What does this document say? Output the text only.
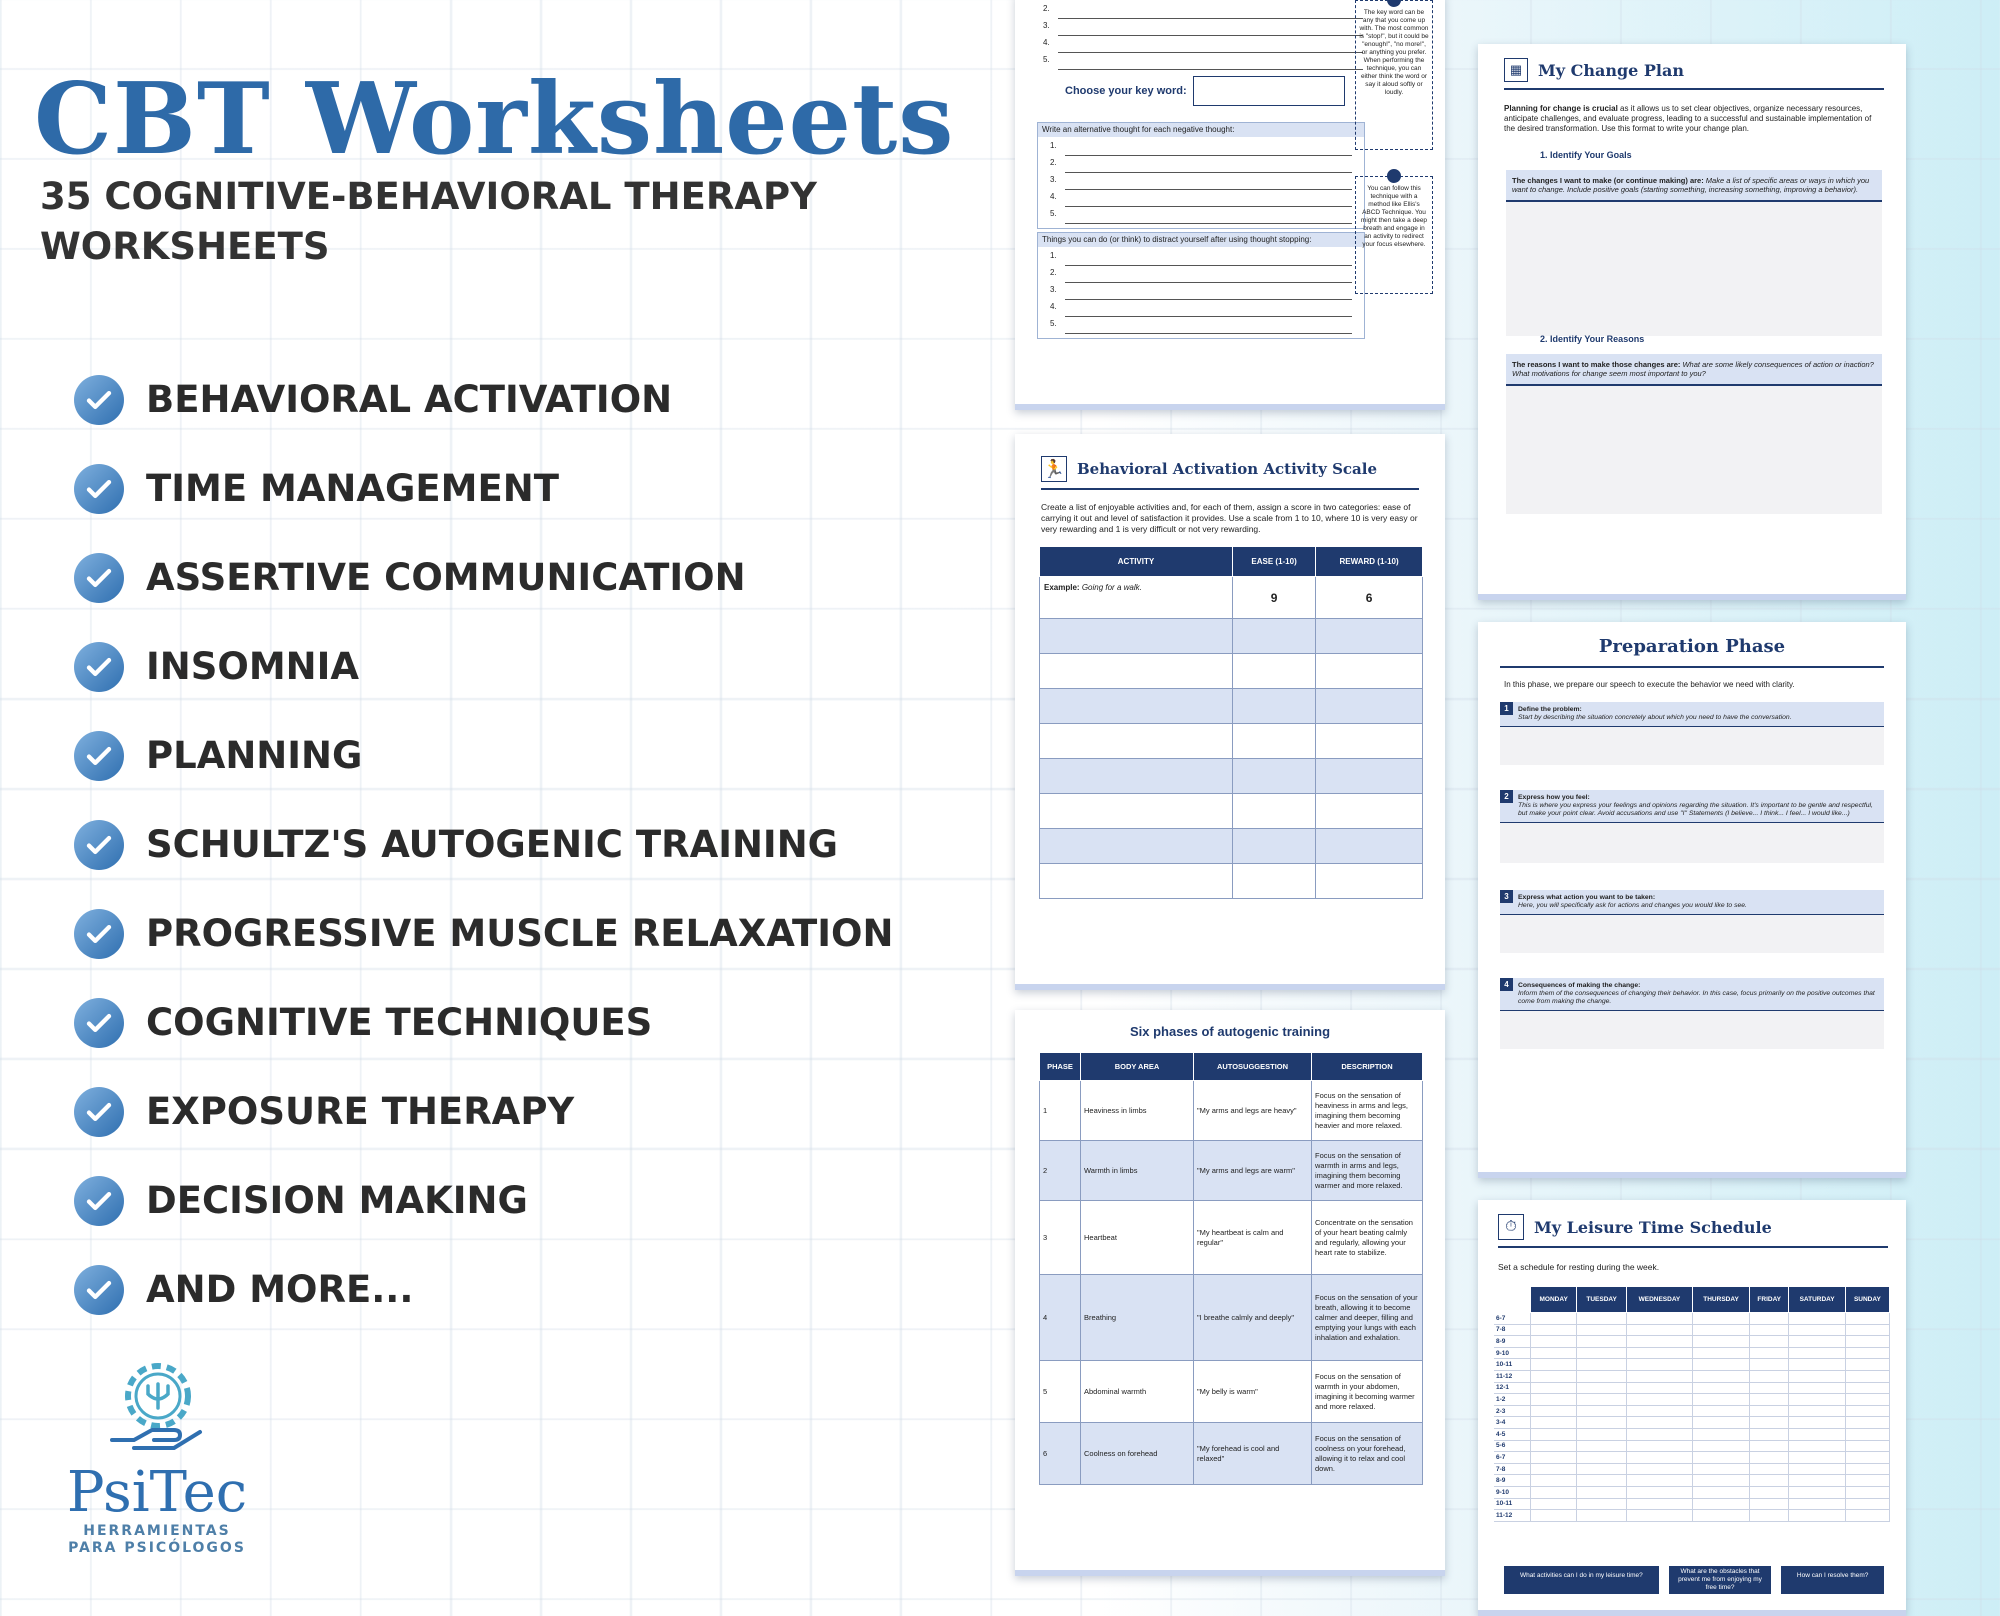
CBT Worksheets
35 COGNITIVE-BEHAVIORAL THERAPY WORKSHEETS
BEHAVIORAL ACTIVATION
TIME MANAGEMENT
ASSERTIVE COMMUNICATION
INSOMNIA
PLANNING
SCHULTZ'S AUTOGENIC TRAINING
PROGRESSIVE MUSCLE RELAXATION
COGNITIVE TECHNIQUES
EXPOSURE THERAPY
DECISION MAKING
AND MORE...
PsiTec
HERRAMIENTAS
PARA PSICÓLOGOS
2.
3.
4.
5.
Choose your key word:
Write an alternative thought for each negative thought:
1.
2.
3.
4.
5.
Things you can do (or think) to distract yourself after using thought stopping:
1.
2.
3.
4.
5.
The key word can be any that you come up with. The most common is "stop!", but it could be "enough!", "no more!", or anything you prefer. When performing the technique, you can either think the word or say it aloud softly or loudly.
You can follow this technique with a method like Ellis's ABCD Technique. You might then take a deep breath and engage in an activity to redirect your focus elsewhere.
🏃 Behavioral Activation Activity Scale
Create a list of enjoyable activities and, for each of them, assign a score in two categories: ease of carrying it out and level of satisfaction it provides. Use a scale from 1 to 10, where 10 is very easy or very rewarding and 1 is very difficult or not very rewarding.
ACTIVITY	EASE (1-10)	REWARD (1-10)
Example: Going for a walk.	9	6

Six phases of autogenic training
PHASE	BODY AREA	AUTOSUGGESTION	DESCRIPTION
1	Heaviness in limbs	"My arms and legs are heavy"	Focus on the sensation of heaviness in arms and legs, imagining them becoming heavier and more relaxed.
2	Warmth in limbs	"My arms and legs are warm"	Focus on the sensation of warmth in arms and legs, imagining them becoming warmer and more relaxed.
3	Heartbeat	"My heartbeat is calm and regular"	Concentrate on the sensation of your heart beating calmly and regularly, allowing your heart rate to stabilize.
4	Breathing	"I breathe calmly and deeply"	Focus on the sensation of your breath, allowing it to become calmer and deeper, filling and emptying your lungs with each inhalation and exhalation.
5	Abdominal warmth	"My belly is warm"	Focus on the sensation of warmth in your abdomen, imagining it becoming warmer and more relaxed.
6	Coolness on forehead	"My forehead is cool and relaxed"	Focus on the sensation of coolness on your forehead, allowing it to relax and cool down.
▦ My Change Plan
Planning for change is crucial as it allows us to set clear objectives, organize necessary resources, anticipate challenges, and evaluate progress, leading to a successful and sustainable implementation of the desired transformation. Use this format to write your change plan.
1. Identify Your Goals
The changes I want to make (or continue making) are: Make a list of specific areas or ways in which you want to change. Include positive goals (starting something, increasing something, improving a behavior).
2. Identify Your Reasons
The reasons I want to make those changes are: What are some likely consequences of action or inaction? What motivations for change seem most important to you?
Preparation Phase
In this phase, we prepare our speech to execute the behavior we need with clarity.
1	Define the problem:
Start by describing the situation concretely about which you need to have the conversation.
2	Express how you feel:
This is where you express your feelings and opinions regarding the situation. It's important to be gentle and respectful, but make your point clear. Avoid accusations and use "I" Statements (I believe... I think... I feel... I would like...)
3	Express what action you want to be taken:
Here, you will specifically ask for actions and changes you would like to see.
4	Consequences of making the change:
Inform them of the consequences of changing their behavior. In this case, focus primarily on the positive outcomes that come from making the change.
⏱	My Leisure Time Schedule
Set a schedule for resting during the week.
	MONDAY	TUESDAY	WEDNESDAY	THURSDAY	FRIDAY	SATURDAY	SUNDAY
6-7							
7-8							
8-9							
9-10							
10-11							
11-12							
12-1							
1-2							
2-3							
3-4							
4-5							
5-6							
6-7							
7-8							
8-9							
9-10							
10-11							
11-12							
What activities can I do in my leisure time?
What are the obstacles that prevent me from enjoying my free time?
How can I resolve them?
